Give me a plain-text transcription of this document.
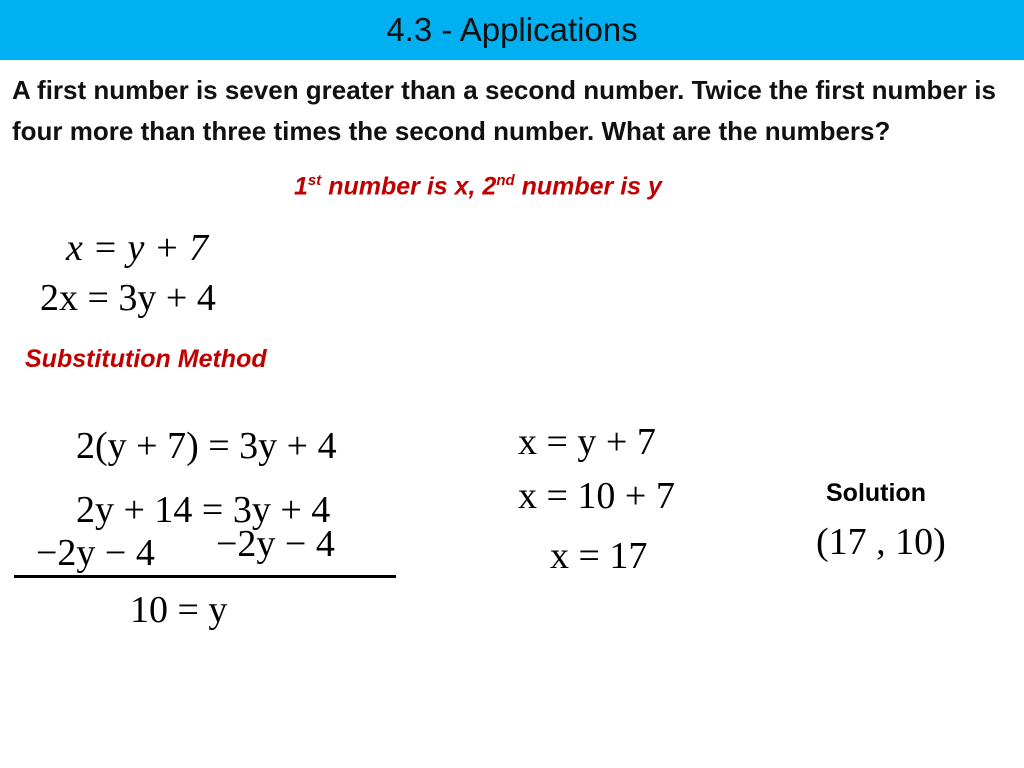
4.3 - Applications
A first number is seven greater than a second number. Twice the first number is four more than three times the second number. What are the numbers?
1st number is x, 2nd number is y
x = y + 7
2x = 3y + 4
Substitution Method
2(y + 7) = 3y + 4
2y + 14 = 3y + 4
−2y − 4 −2y − 4
10 = y
x = y + 7
x = 10 + 7
x = 17
Solution
(17 , 10)
